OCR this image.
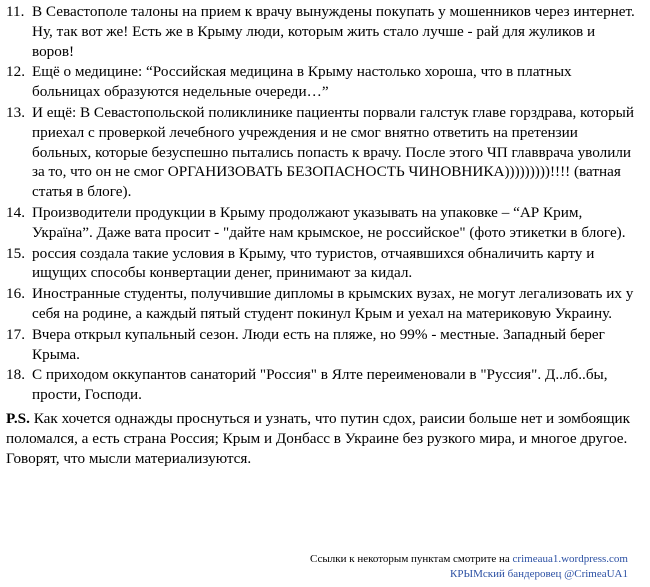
11. В Севастополе талоны на прием к врачу вынуждены покупать у мошенников через интернет. Ну, так вот же! Есть же в Крыму люди, которым жить стало лучше - рай для жуликов и воров!
12. Ещё о медицине: “Российская медицина в Крыму настолько хороша, что в платных больницах образуются недельные очереди…”
13. И ещё: В Севастопольской поликлинике пациенты порвали галстук главе горздрава, который приехал с проверкой лечебного учреждения и не смог внятно ответить на претензии больных, которые безуспешно пытались попасть к врачу. После этого ЧП главврача уволили за то, что он не смог ОРГАНИЗОВАТЬ БЕЗОПАСНОСТЬ ЧИНОВНИКА)))))))))!!!! (ватная статья в блоге).
14. Производители продукции в Крыму продолжают указывать на упаковке – “АР Крим, Україна”. Даже вата просит - "дайте нам крымское, не российское" (фото этикетки в блоге).
15. россия создала такие условия в Крыму, что туристов, отчаявшихся обналичить карту и ищущих способы конвертации денег, принимают за кидал.
16. Иностранные студенты, получившие дипломы в крымских вузах, не могут легализовать их у себя на родине, а каждый пятый студент покинул Крым и уехал на материковую Украину.
17. Вчера открыл купальный сезон. Люди есть на пляже, но 99% - местные. Западный берег Крыма.
18. С приходом оккупантов санаторий "Россия" в Ялте переименовали в "Руссия". Д..лб..бы, прости, Господи.
P.S. Как хочется однажды проснуться и узнать, что путин сдох, раисии больше нет и зомбоящик поломался, а есть страна Россия; Крым и Донбасс в Украине без рузкого мира, и многое другое. Говорят, что мысли материализуются.
Ссылки к некоторым пунктам смотрите на crimeaua1.wordpress.com
КРЫМский бандеровец @CrimeaUA1
